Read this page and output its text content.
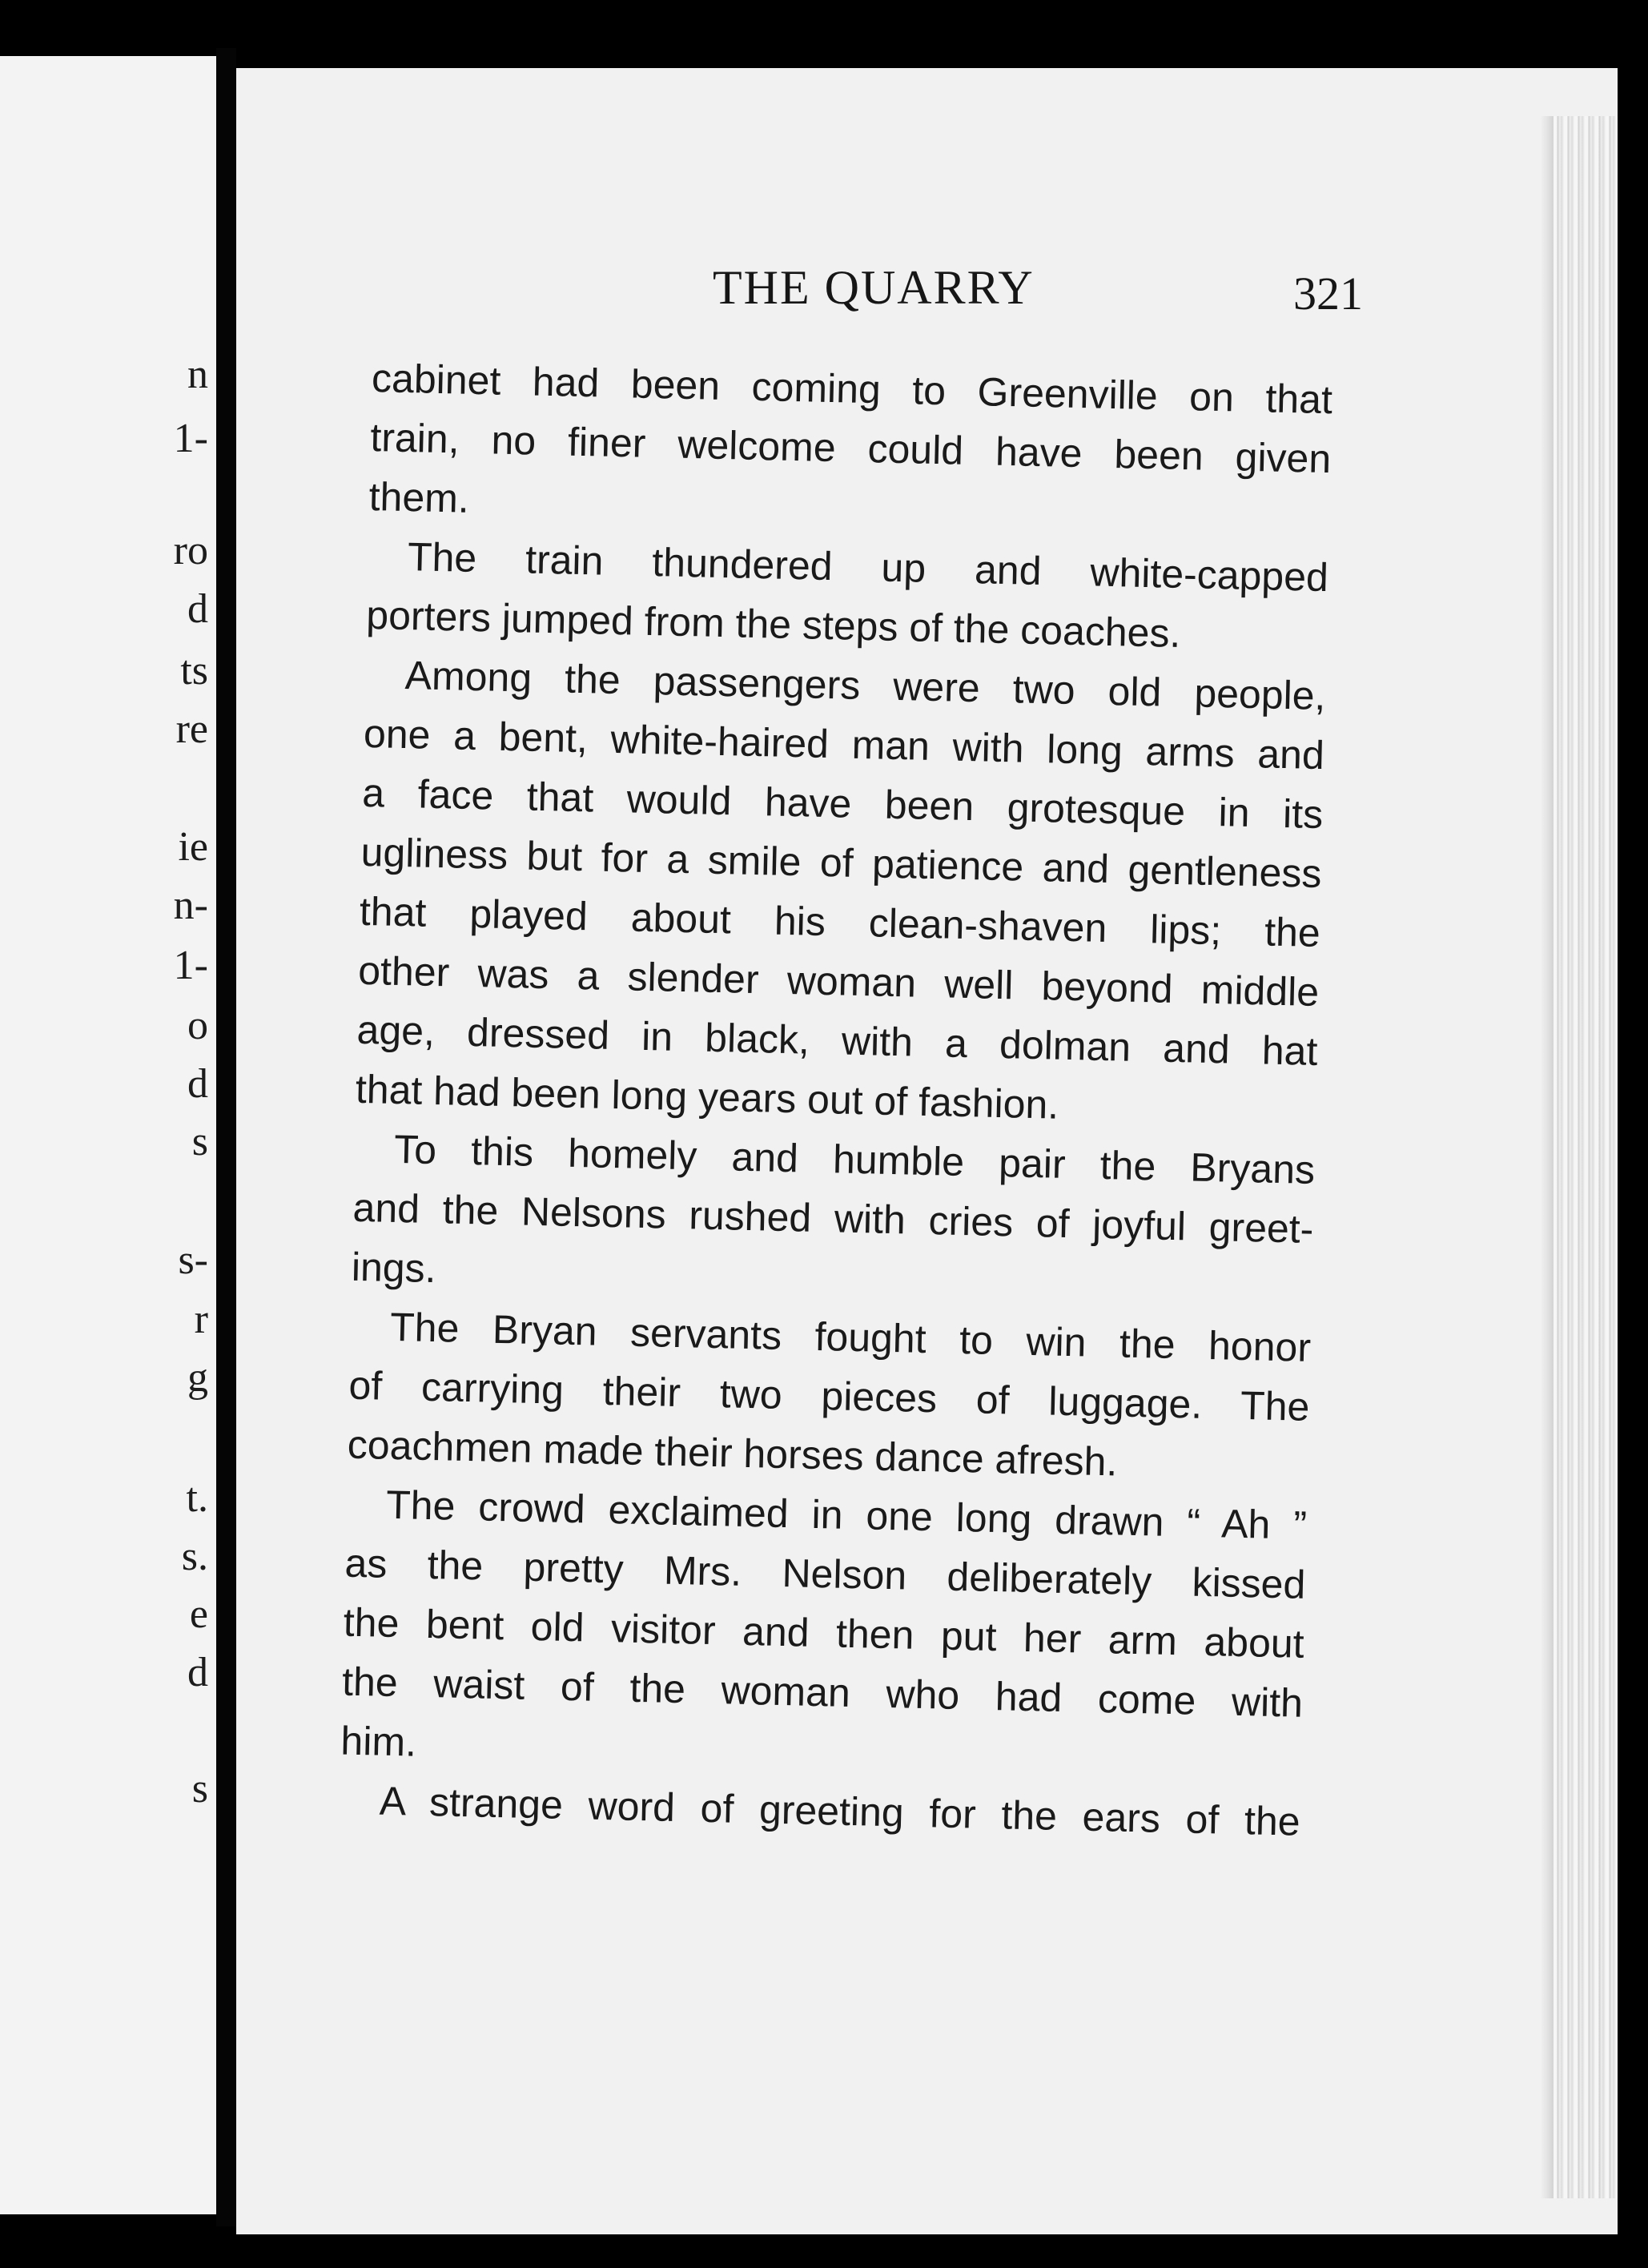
n
1-
ro
d
ts
re
ie
n-
1-
o
d
s
s-
r
g
t.
s.
e
d
s
THE QUARRY	321
cabinet had been coming to Greenville on that
train, no finer welcome could have been given
them.
The train thundered up and white-capped
porters jumped from the steps of the coaches.
Among the passengers were two old people,
one a bent, white-haired man with long arms and
a face that would have been grotesque in its
ugliness but for a smile of patience and gentleness
that played about his clean-shaven lips; the
other was a slender woman well beyond middle
age, dressed in black, with a dolman and hat
that had been long years out of fashion.
To this homely and humble pair the Bryans
and the Nelsons rushed with cries of joyful greet-
ings.
The Bryan servants fought to win the honor
of carrying their two pieces of luggage. The
coachmen made their horses dance afresh.
The crowd exclaimed in one long drawn “ Ah ”
as the pretty Mrs. Nelson deliberately kissed
the bent old visitor and then put her arm about
the waist of the woman who had come with
him.
A strange word of greeting for the ears of the
